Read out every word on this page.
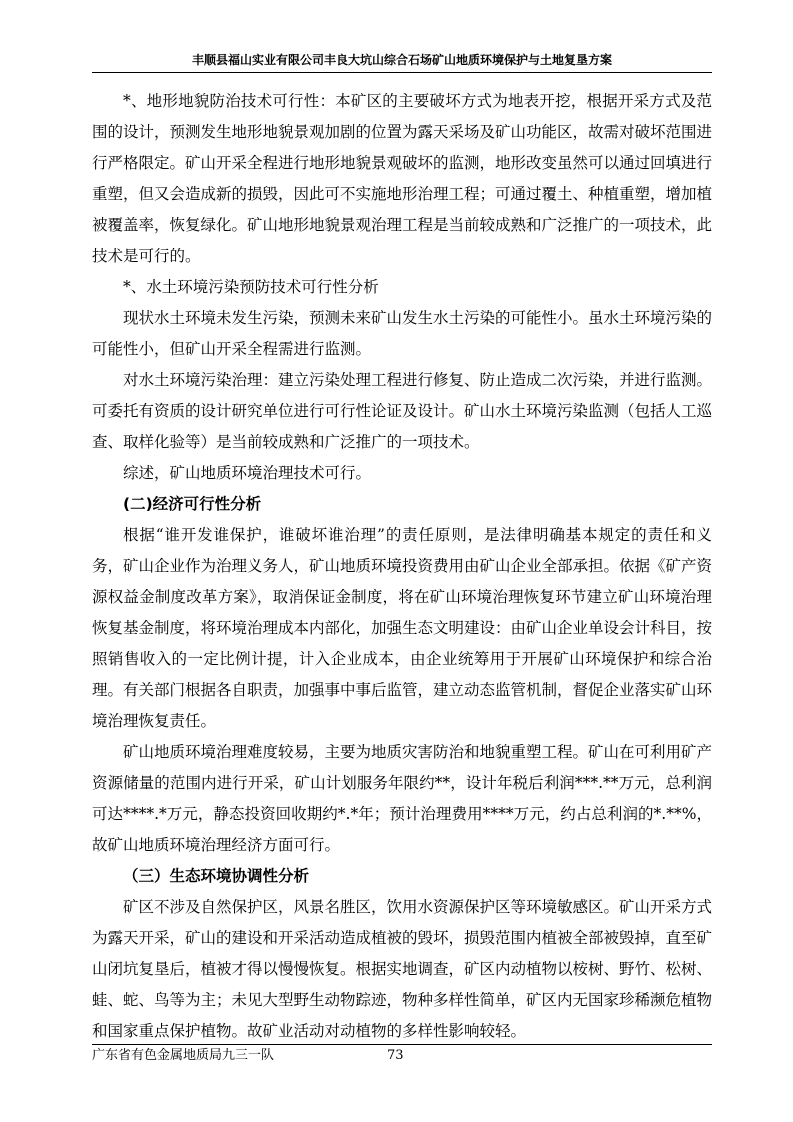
丰顺县福山实业有限公司丰良大坑山综合石场矿山地质环境保护与土地复垦方案

*、地形地貌防治技术可行性：本矿区的主要破坏方式为地表开挖，根据开采方式及范围的设计，预测发生地形地貌景观加剧的位置为露天采场及矿山功能区，故需对破坏范围进行严格限定。矿山开采全程进行地形地貌景观破坏的监测，地形改变虽然可以通过回填进行重塑，但又会造成新的损毁，因此可不实施地形治理工程；可通过覆土、种植重塑，增加植被覆盖率，恢复绿化。矿山地形地貌景观治理工程是当前较成熟和广泛推广的一项技术，此技术是可行的。

*、水土环境污染预防技术可行性分析

现状水土环境未发生污染，预测未来矿山发生水土污染的可能性小。虽水土环境污染的可能性小，但矿山开采全程需进行监测。

对水土环境污染治理：建立污染处理工程进行修复、防止造成二次污染，并进行监测。可委托有资质的设计研究单位进行可行性论证及设计。矿山水土环境污染监测（包括人工巡查、取样化验等）是当前较成熟和广泛推广的一项技术。

综述，矿山地质环境治理技术可行。

(二)经济可行性分析

根据“谁开发谁保护，谁破坏谁治理”的责任原则，是法律明确基本规定的责任和义务，矿山企业作为治理义务人，矿山地质环境投资费用由矿山企业全部承担。依据《矿产资源权益金制度改革方案》，取消保证金制度，将在矿山环境治理恢复环节建立矿山环境治理恢复基金制度，将环境治理成本内部化，加强生态文明建设：由矿山企业单设会计科目，按照销售收入的一定比例计提，计入企业成本，由企业统筹用于开展矿山环境保护和综合治理。有关部门根据各自职责，加强事中事后监管，建立动态监管机制，督促企业落实矿山环境治理恢复责任。

矿山地质环境治理难度较易，主要为地质灾害防治和地貌重塑工程。矿山在可利用矿产资源储量的范围内进行开采，矿山计划服务年限约**，设计年税后利润***.**万元，总利润可达****.*万元，静态投资回收期约*.*年；预计治理费用****万元，约占总利润的*.**%，故矿山地质环境治理经济方面可行。

（三）生态环境协调性分析

矿区不涉及自然保护区，风景名胜区，饮用水资源保护区等环境敏感区。矿山开采方式为露天开采，矿山的建设和开采活动造成植被的毁坏，损毁范围内植被全部被毁掉，直至矿山闭坑复垦后，植被才得以慢慢恢复。根据实地调查，矿区内动植物以桉树、野竹、松树、蛙、蛇、鸟等为主；未见大型野生动物踪迹，物种多样性简单，矿区内无国家珍稀濒危植物和国家重点保护植物。故矿业活动对动植物的多样性影响较轻。

广东省有色金属地质局九三一队	73
